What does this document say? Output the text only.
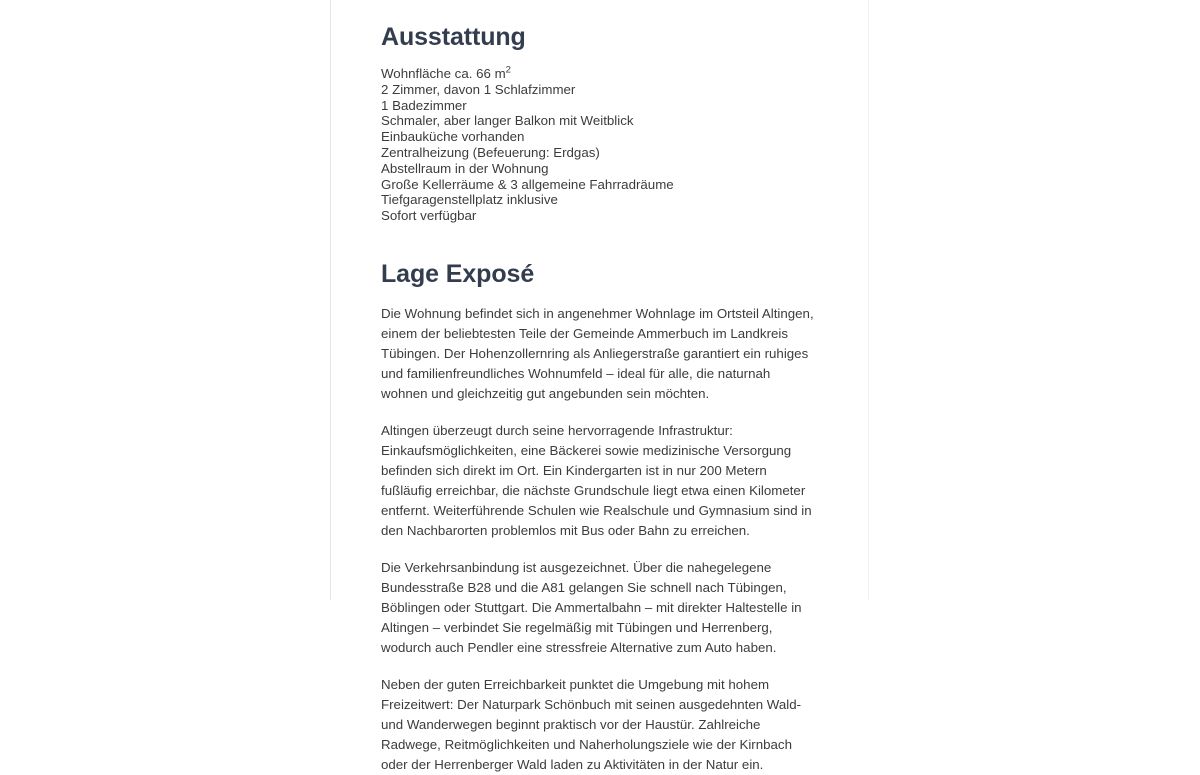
Ausstattung
Wohnfläche ca. 66 $m^2$
2 Zimmer, davon 1 Schlafzimmer
1 Badezimmer
Schmaler, aber langer Balkon mit Weitblick
Einbauküche vorhanden
Zentralheizung (Befeuerung: Erdgas)
Abstellraum in der Wohnung
Große Kellerräume & 3 allgemeine Fahrradräume
Tiefgaragenstellplatz inklusive
Sofort verfügbar
Lage Exposé

Die Wohnung befindet sich in angenehmer Wohnlage im Ortsteil Altingen, einem der beliebtesten Teile der Gemeinde Ammerbuch im Landkreis Tübingen. Der Hohenzollernring als Anliegerstraße garantiert ein ruhiges und familienfreundliches Wohnumfeld – ideal für alle, die naturnah wohnen und gleichzeitig gut angebunden sein möchten.

Altingen überzeugt durch seine hervorragende Infrastruktur: Einkaufsmöglichkeiten, eine Bäckerei sowie medizinische Versorgung befinden sich direkt im Ort. Ein Kindergarten ist in nur 200 Metern fußläufig erreichbar, die nächste Grundschule liegt etwa einen Kilometer entfernt. Weiterführende Schulen wie Realschule und Gymnasium sind in den Nachbarorten problemlos mit Bus oder Bahn zu erreichen.

Die Verkehrsanbindung ist ausgezeichnet. Über die nahegelegene Bundesstraße B28 und die A81 gelangen Sie schnell nach Tübingen, Böblingen oder Stuttgart. Die Ammertalbahn – mit direkter Haltestelle in Altingen – verbindet Sie regelmäßig mit Tübingen und Herrenberg, wodurch auch Pendler eine stressfreie Alternative zum Auto haben.

Neben der guten Erreichbarkeit punktet die Umgebung mit hohem Freizeitwert: Der Naturpark Schönbuch mit seinen ausgedehnten Wald- und Wanderwegen beginnt praktisch vor der Haustür. Zahlreiche Radwege, Reitmöglichkeiten und Naherholungsziele wie der Kirnbach oder der Herrenberger Wald laden zu Aktivitäten in der Natur ein.
